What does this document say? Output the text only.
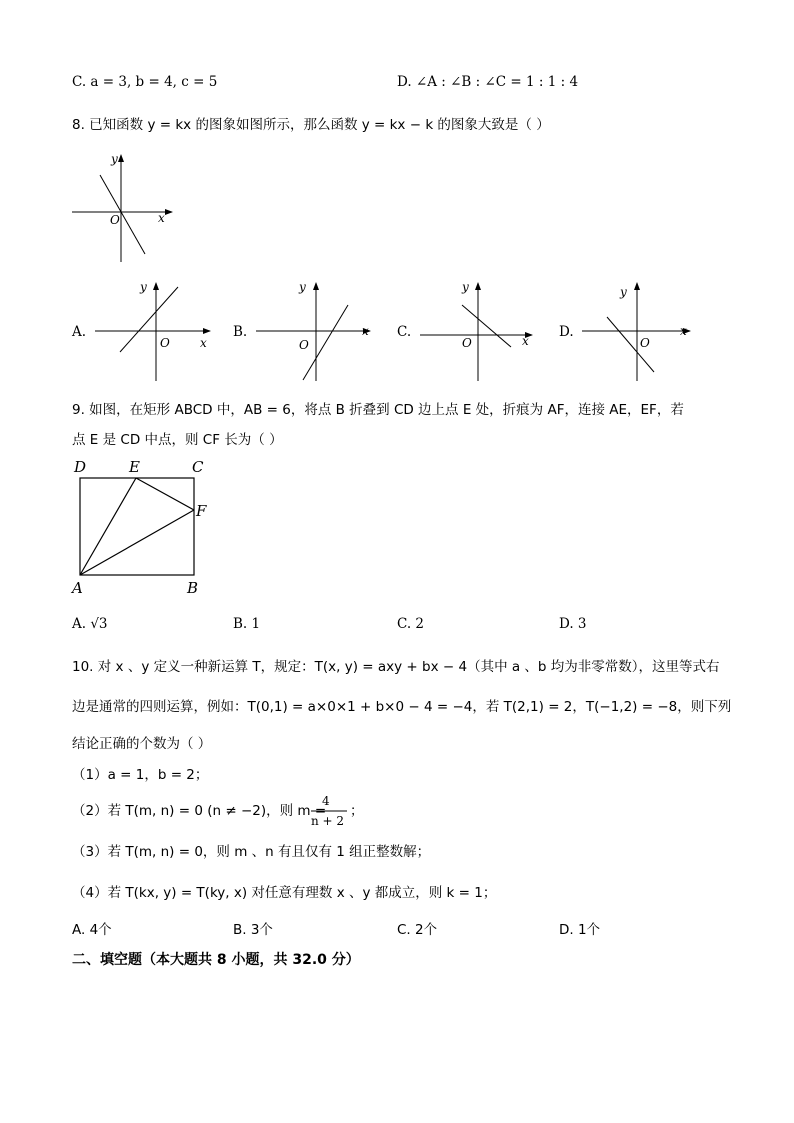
C. a = 3, b = 4, c = 5	D. ∠A : ∠B : ∠C = 1 : 1 : 4
8. 已知函数 y = kx 的图象如图所示，那么函数 y = kx − k 的图象大致是（ ）
y
x
O
y
x
O
y
x
O
y
x
O
y
x
O
D	E	C
F
A	B
A.	B.	C.	D.
9. 如图，在矩形 ABCD 中，AB = 6，将点 B 折叠到 CD 边上点 E 处，折痕为 AF，连接 AE，EF，若
点 E 是 CD 中点，则 CF 长为（ ）
A. √3	B. 1	C. 2	D. 3
10. 对 x 、y 定义一种新运算 T，规定：T(x, y) = axy + bx − 4（其中 a 、b 均为非零常数），这里等式右
边是通常的四则运算，例如：T(0,1) = a×0×1 + b×0 − 4 = −4，若 T(2,1) = 2，T(−1,2) = −8，则下列
结论正确的个数为（ ）
（1）a = 1，b = 2；
（2）若 T(m, n) = 0 (n ≠ −2)，则 m =
4
n + 2
；
（3）若 T(m, n) = 0，则 m 、n 有且仅有 1 组正整数解；
（4）若 T(kx, y) = T(ky, x) 对任意有理数 x 、y 都成立，则 k = 1；
A. 4个	B. 3个	C. 2个	D. 1个
二、填空题（本大题共 8 小题，共 32.0 分）
